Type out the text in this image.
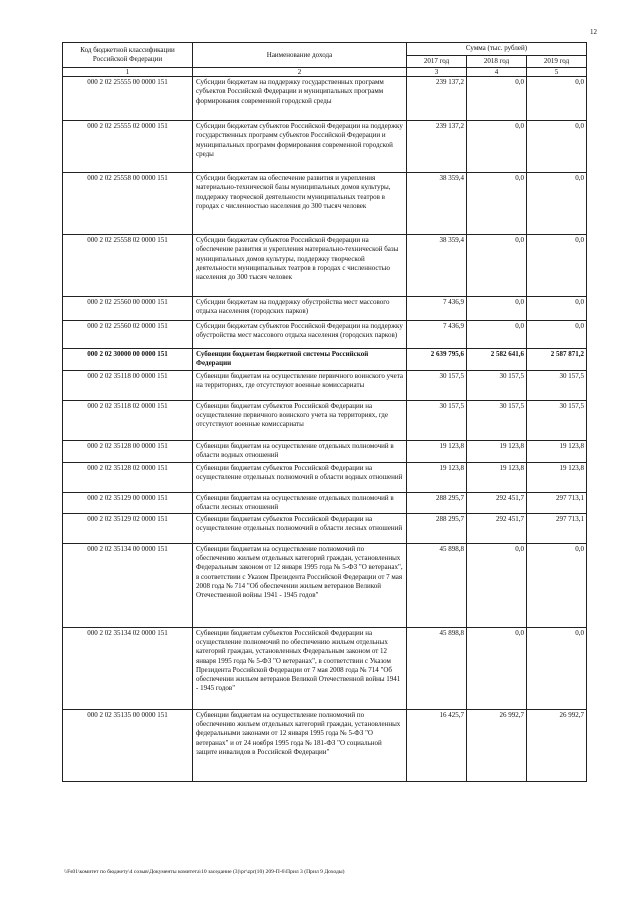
12
Код бюджетной классификации Российской Федерации	Наименование дохода	Сумма (тыс. рублей)		
		2017 год	2018 год	2019 год
1	2	3	4	5
000 2 02 25555 00 0000 151	Субсидии бюджетам на поддержку государственных программ субъектов Российской Федерации и муниципальных программ формирования современной городской среды	239 137,2	0,0	0,0
000 2 02 25555 02 0000 151	Субсидии бюджетам субъектов Российской Федерации на поддержку государственных программ субъектов Российской Федерации и муниципальных программ формирования современной городской среды	239 137,2	0,0	0,0
000 2 02 25558 00 0000 151	Субсидии бюджетам на обеспечение развития и укрепления материально-технической базы муниципальных домов культуры, поддержку творческой деятельности муниципальных театров в городах с численностью населения до 300 тысяч человек	38 359,4	0,0	0,0
000 2 02 25558 02 0000 151	Субсидии бюджетам субъектов Российской Федерации на обеспечение развития и укрепления материально-технической базы муниципальных домов культуры, поддержку творческой деятельности муниципальных театров в городах с численностью населения до 300 тысяч человек	38 359,4	0,0	0,0
000 2 02 25560 00 0000 151	Субсидии бюджетам на поддержку обустройства мест массового отдыха населения (городских парков)	7 436,9	0,0	0,0
000 2 02 25560 02 0000 151	Субсидии бюджетам субъектов Российской Федерации на поддержку обустройства мест массового отдыха населения (городских парков)	7 436,9	0,0	0,0
000 2 02 30000 00 0000 151	Субвенции бюджетам бюджетной системы Российской Федерации	2 639 795,6	2 582 641,6	2 587 871,2
000 2 02 35118 00 0000 151	Субвенции бюджетам на осуществление первичного воинского учета на территориях, где отсутствуют военные комиссариаты	30 157,5	30 157,5	30 157,5
000 2 02 35118 02 0000 151	Субвенции бюджетам субъектов Российской Федерации на осуществление первичного воинского учета на территориях, где отсутствуют военные комиссариаты	30 157,5	30 157,5	30 157,5
000 2 02 35128 00 0000 151	Субвенции бюджетам на осуществление отдельных полномочий в области водных отношений	19 123,8	19 123,8	19 123,8
000 2 02 35128 02 0000 151	Субвенции бюджетам субъектов Российской Федерации на осуществление отдельных полномочий в области водных отношений	19 123,8	19 123,8	19 123,8
000 2 02 35129 00 0000 151	Субвенции бюджетам на осуществление отдельных полномочий в области лесных отношений	288 295,7	292 451,7	297 713,1
000 2 02 35129 02 0000 151	Субвенции бюджетам субъектов Российской Федерации на осуществление отдельных полномочий в области лесных отношений	288 295,7	292 451,7	297 713,1
000 2 02 35134 00 0000 151	Субвенции бюджетам на осуществление полномочий по обеспечению жильем отдельных категорий граждан, установленных Федеральным законом от 12 января 1995 года № 5-ФЗ "О ветеранах", в соответствии с Указом Президента Российской Федерации от 7 мая 2008 года № 714 "Об обеспечении жильем ветеранов Великой Отечественной войны 1941 - 1945 годов"	45 898,8	0,0	0,0
000 2 02 35134 02 0000 151	Субвенции бюджетам субъектов Российской Федерации на осуществление полномочий по обеспечению жильем отдельных категорий граждан, установленных Федеральным законом от 12 января 1995 года № 5-ФЗ "О ветеранах", в соответствии с Указом Президента Российской Федерации от 7 мая 2008 года № 714 "Об обеспечении жильем ветеранов Великой Отечественной войны 1941 - 1945 годов"	45 898,8	0,0	0,0
000 2 02 35135 00 0000 151	Субвенции бюджетам на осуществление полномочий по обеспечению жильем отдельных категорий граждан, установленных федеральными законами от 12 января 1995 года № 5-ФЗ "О ветеранах" и от 24 ноября 1995 года № 181-ФЗ "О социальной защите инвалидов в Российской Федерации"	16 425,7	26 992,7	26 992,7
\\Fs01\комитет по бюджету\4 созыв\Документы комитета\10 заседание (3)\рг\zpr(10) 209-П-6\Прил 3 (Прил 9 Доходы)
